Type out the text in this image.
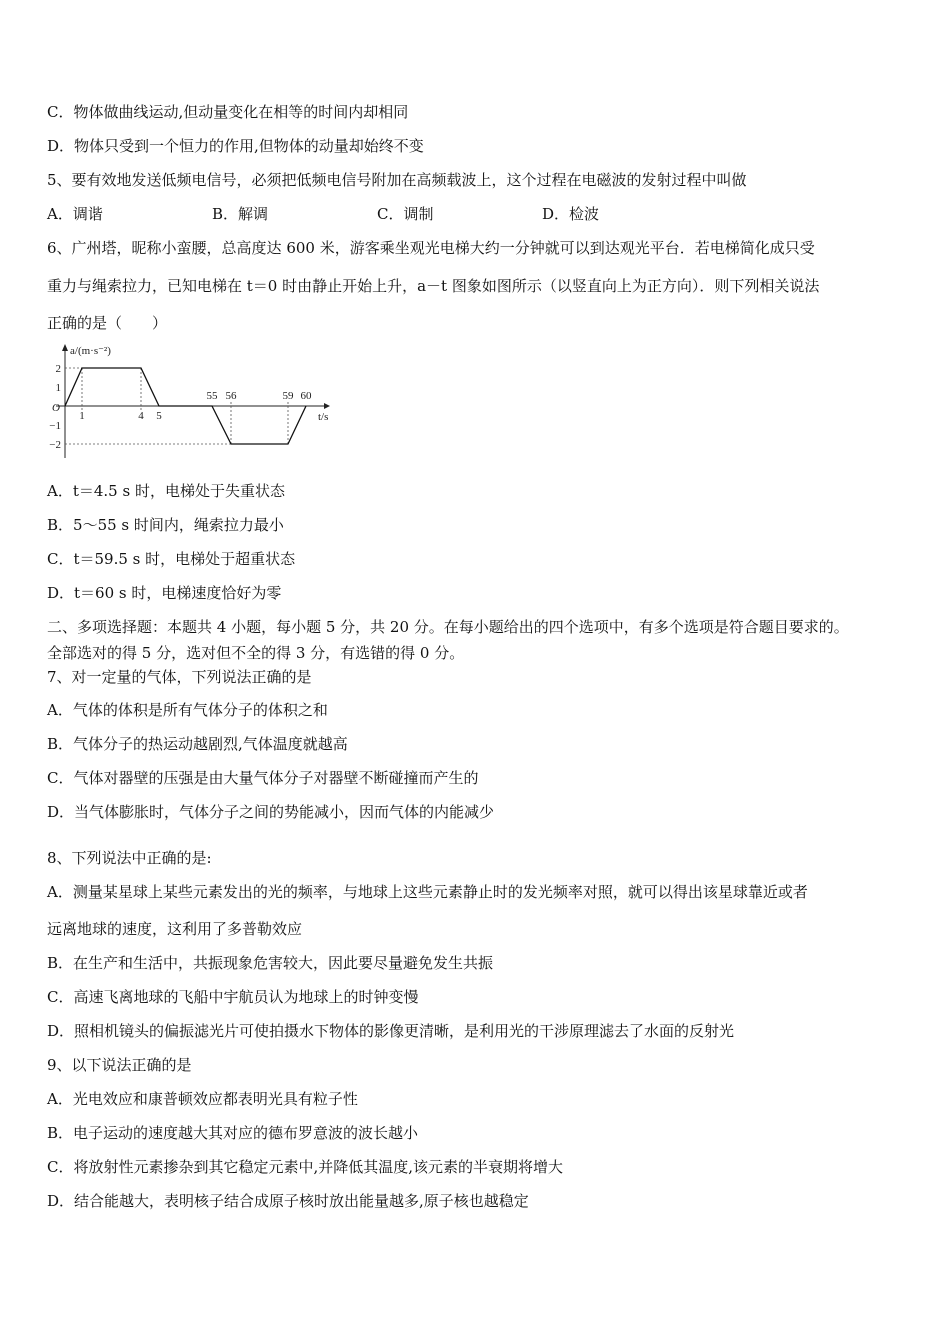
C．物体做曲线运动,但动量变化在相等的时间内却相同
D．物体只受到一个恒力的作用,但物体的动量却始终不变
5、要有效地发送低频电信号，必须把低频电信号附加在高频载波上，这个过程在电磁波的发射过程中叫做
A．调谐	B．解调	C．调制	D．检波
6、广州塔，昵称小蛮腰，总高度达 600 米，游客乘坐观光电梯大约一分钟就可以到达观光平台．若电梯简化成只受
重力与绳索拉力，已知电梯在 t＝0 时由静止开始上升，a－t 图象如图所示（以竖直向上为正方向）．则下列相关说法
正确的是（　　）
a/(m·s⁻²)
t/s
O
2
1
−1
−2
1	4 5
55 56	59 60
A．t＝4.5 s 时，电梯处于失重状态
B．5～55 s 时间内，绳索拉力最小
C．t＝59.5 s 时，电梯处于超重状态
D．t＝60 s 时，电梯速度恰好为零
二、多项选择题：本题共 4 小题，每小题 5 分，共 20 分。在每小题给出的四个选项中，有多个选项是符合题目要求的。
全部选对的得 5 分，选对但不全的得 3 分，有选错的得 0 分。
7、对一定量的气体，下列说法正确的是
A．气体的体积是所有气体分子的体积之和
B．气体分子的热运动越剧烈,气体温度就越高
C．气体对器壁的压强是由大量气体分子对器壁不断碰撞而产生的
D．当气体膨胀时，气体分子之间的势能减小，因而气体的内能减少
8、下列说法中正确的是:
A．测量某星球上某些元素发出的光的频率，与地球上这些元素静止时的发光频率对照，就可以得出该星球靠近或者
远离地球的速度，这利用了多普勒效应
B．在生产和生活中，共振现象危害较大，因此要尽量避免发生共振
C．高速飞离地球的飞船中宇航员认为地球上的时钟变慢
D．照相机镜头的偏振滤光片可使拍摄水下物体的影像更清晰，是利用光的干涉原理滤去了水面的反射光
9、以下说法正确的是
A．光电效应和康普顿效应都表明光具有粒子性
B．电子运动的速度越大其对应的德布罗意波的波长越小
C．将放射性元素掺杂到其它稳定元素中,并降低其温度,该元素的半衰期将增大
D．结合能越大，表明核子结合成原子核时放出能量越多,原子核也越稳定
